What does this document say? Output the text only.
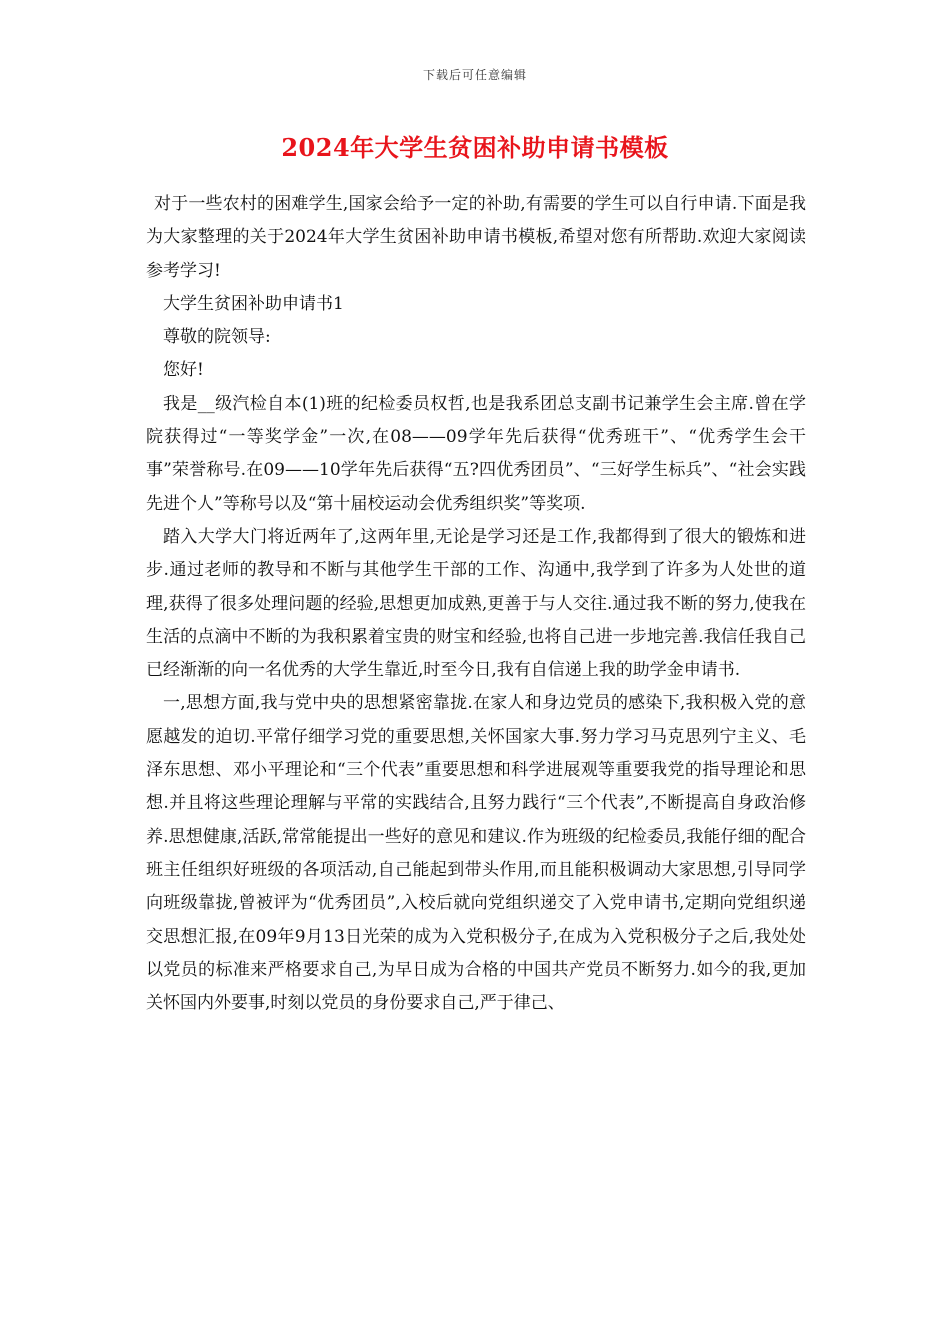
下载后可任意编辑
2024年大学生贫困补助申请书模板

对于一些农村的困难学生,国家会给予一定的补助,有需要的学生可以自行申请.下面是我为大家整理的关于2024年大学生贫困补助申请书模板,希望对您有所帮助.欢迎大家阅读参考学习!

大学生贫困补助申请书1

尊敬的院领导:

您好!

我是__级汽检自本(1)班的纪检委员权哲,也是我系团总支副书记兼学生会主席.曾在学院获得过“一等奖学金”一次,在08——09学年先后获得“优秀班干”、“优秀学生会干事”荣誉称号.在09——10学年先后获得“五?四优秀团员”、“三好学生标兵”、“社会实践先进个人”等称号以及“第十届校运动会优秀组织奖”等奖项.

踏入大学大门将近两年了,这两年里,无论是学习还是工作,我都得到了很大的锻炼和进步.通过老师的教导和不断与其他学生干部的工作、沟通中,我学到了许多为人处世的道理,获得了很多处理问题的经验,思想更加成熟,更善于与人交往.通过我不断的努力,使我在生活的点滴中不断的为我积累着宝贵的财宝和经验,也将自己进一步地完善.我信任我自己已经渐渐的向一名优秀的大学生靠近,时至今日,我有自信递上我的助学金申请书.

一,思想方面,我与党中央的思想紧密靠拢.在家人和身边党员的感染下,我积极入党的意愿越发的迫切.平常仔细学习党的重要思想,关怀国家大事.努力学习马克思列宁主义、毛泽东思想、邓小平理论和“三个代表”重要思想和科学进展观等重要我党的指导理论和思想.并且将这些理论理解与平常的实践结合,且努力践行“三个代表”,不断提高自身政治修养.思想健康,活跃,常常能提出一些好的意见和建议.作为班级的纪检委员,我能仔细的配合班主任组织好班级的各项活动,自己能起到带头作用,而且能积极调动大家思想,引导同学向班级靠拢,曾被评为“优秀团员”,入校后就向党组织递交了入党申请书,定期向党组织递交思想汇报,在09年9月13日光荣的成为入党积极分子,在成为入党积极分子之后,我处处以党员的标准来严格要求自己,为早日成为合格的中国共产党员不断努力.如今的我,更加关怀国内外要事,时刻以党员的身份要求自己,严于律己、
